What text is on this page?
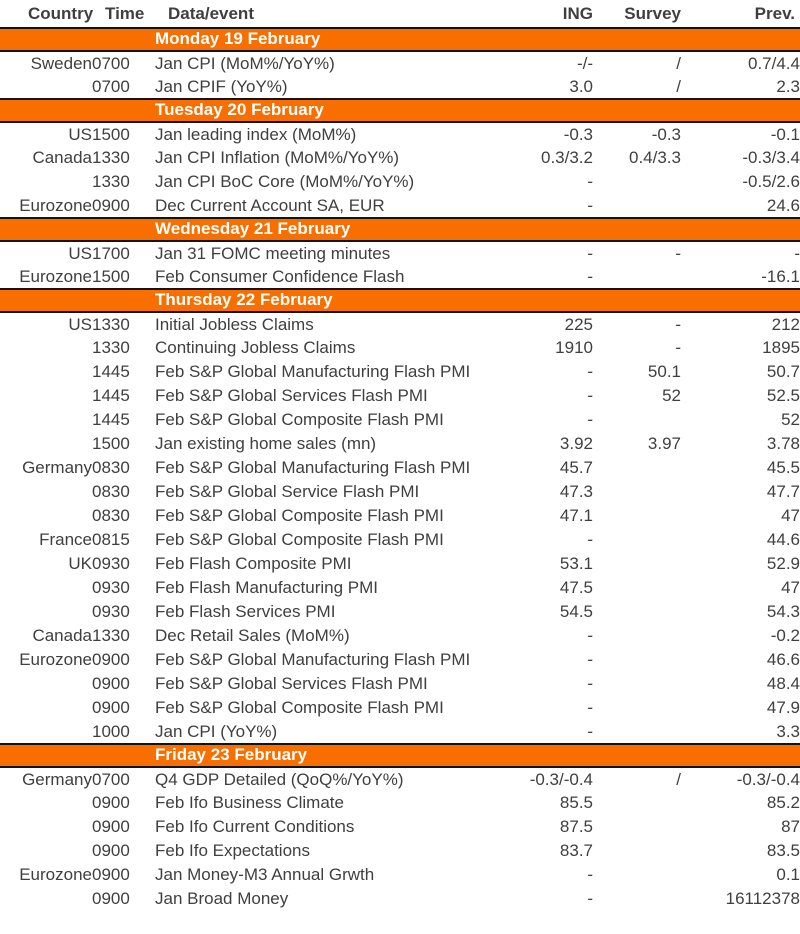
Country	Time	Data/event	ING	Survey	Prev.
Monday 19 February					
Sweden	0700	Jan CPI (MoM%/YoY%)	-/-	/	0.7/4.4
	0700	Jan CPIF (YoY%)	3.0	/	2.3
Tuesday 20 February					
US	1500	Jan leading index (MoM%)	-0.3	-0.3	-0.1
Canada	1330	Jan CPI Inflation (MoM%/YoY%)	0.3/3.2	0.4/3.3	-0.3/3.4
	1330	Jan CPI BoC Core (MoM%/YoY%)	-		-0.5/2.6
Eurozone	0900	Dec Current Account SA, EUR	-		24.6
Wednesday 21 February					
US	1700	Jan 31 FOMC meeting minutes	-	-	-
Eurozone	1500	Feb Consumer Confidence Flash	-		-16.1
Thursday 22 February					
US	1330	Initial Jobless Claims	225	-	212
	1330	Continuing Jobless Claims	1910	-	1895
	1445	Feb S&P Global Manufacturing Flash PMI	-	50.1	50.7
	1445	Feb S&P Global Services Flash PMI	-	52	52.5
	1445	Feb S&P Global Composite Flash PMI	-		52
	1500	Jan existing home sales (mn)	3.92	3.97	3.78
Germany	0830	Feb S&P Global Manufacturing Flash PMI	45.7		45.5
	0830	Feb S&P Global Service Flash PMI	47.3		47.7
	0830	Feb S&P Global Composite Flash PMI	47.1		47
France	0815	Feb S&P Global Composite Flash PMI	-		44.6
UK	0930	Feb Flash Composite PMI	53.1		52.9
	0930	Feb Flash Manufacturing PMI	47.5		47
	0930	Feb Flash Services PMI	54.5		54.3
Canada	1330	Dec Retail Sales (MoM%)	-		-0.2
Eurozone	0900	Feb S&P Global Manufacturing Flash PMI	-		46.6
	0900	Feb S&P Global Services Flash PMI	-		48.4
	0900	Feb S&P Global Composite Flash PMI	-		47.9
	1000	Jan CPI (YoY%)	-		3.3
Friday 23 February					
Germany	0700	Q4 GDP Detailed (QoQ%/YoY%)	-0.3/-0.4	/	-0.3/-0.4
	0900	Feb Ifo Business Climate	85.5		85.2
	0900	Feb Ifo Current Conditions	87.5		87
	0900	Feb Ifo Expectations	83.7		83.5
Eurozone	0900	Jan Money-M3 Annual Grwth	-		0.1
	0900	Jan Broad Money	-		16112378
